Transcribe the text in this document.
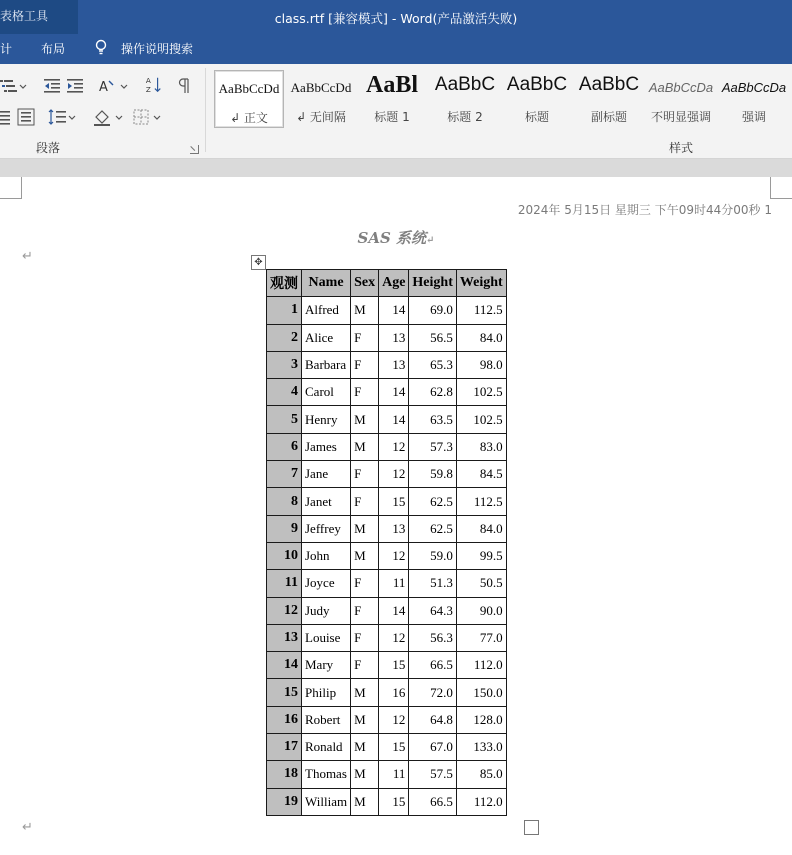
class.rtf [兼容模式] - Word(产品激活失败)
表格工具
计 布局	操作说明搜索
A	A
Z
段落
AaBbCcDd
↲ 正文
AaBbCcDd
↲ 无间隔
AaBl
标题 1
AaBbC
标题 2
AaBbC
标题
AaBbC
副标题
AaBbCcDa
不明显强调
AaBbCcDa
强调
样式
2024年 5月15日 星期三 下午09时44分00秒 1
SAS 系统↵
↵	✥
观测	Name	Sex	Age	Height	Weight
1	Alfred	M	14	69.0	112.5
2	Alice	F	13	56.5	84.0
3	Barbara	F	13	65.3	98.0
4	Carol	F	14	62.8	102.5
5	Henry	M	14	63.5	102.5
6	James	M	12	57.3	83.0
7	Jane	F	12	59.8	84.5
8	Janet	F	15	62.5	112.5
9	Jeffrey	M	13	62.5	84.0
10	John	M	12	59.0	99.5
11	Joyce	F	11	51.3	50.5
12	Judy	F	14	64.3	90.0
13	Louise	F	12	56.3	77.0
14	Mary	F	15	66.5	112.0
15	Philip	M	16	72.0	150.0
16	Robert	M	12	64.8	128.0
17	Ronald	M	15	67.0	133.0
18	Thomas	M	11	57.5	85.0
19	William	M	15	66.5	112.0
↵
